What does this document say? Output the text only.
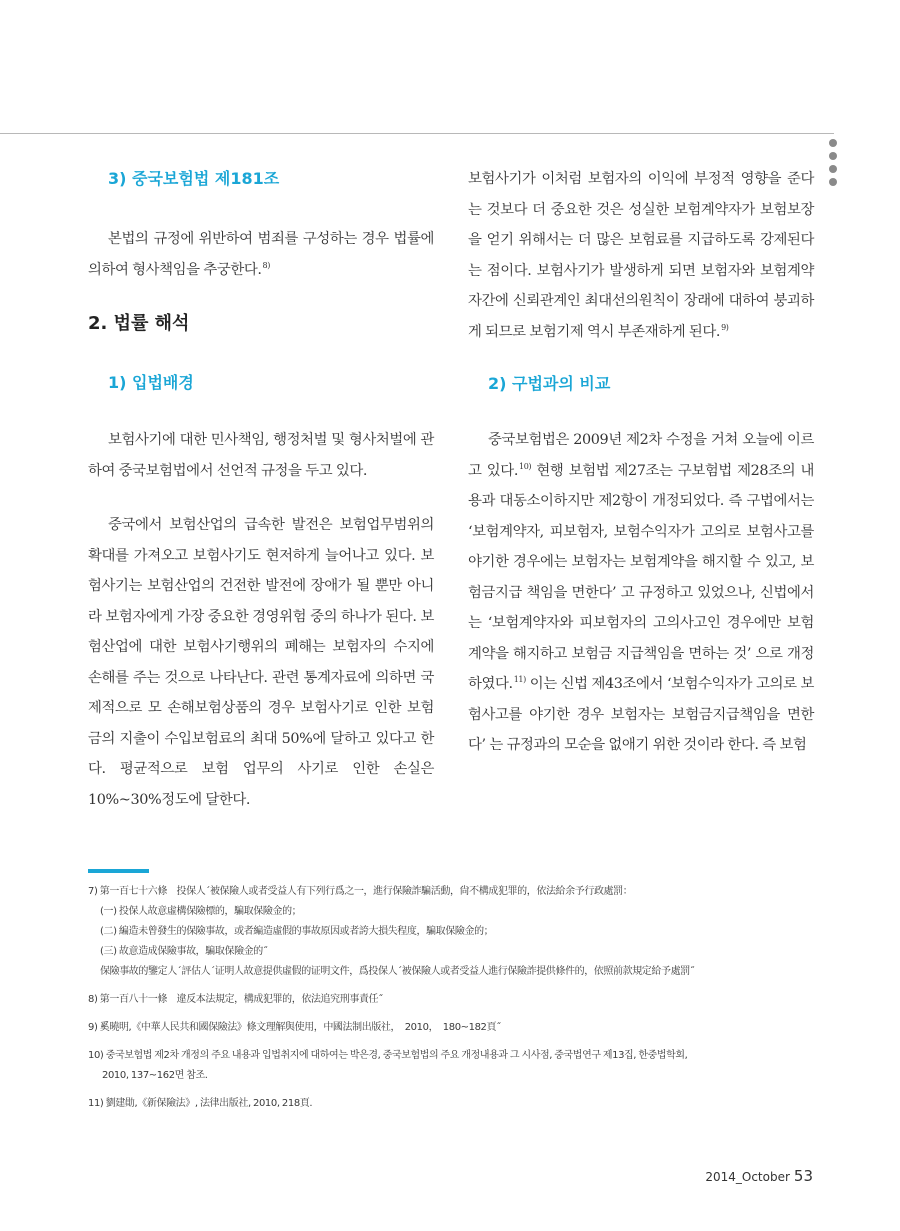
3) 중국보험법 제181조

본법의 규정에 위반하여 범죄를 구성하는 경우 법률에 의하여 형사책임을 추궁한다.$^{8)}$

2. 법률 해석
1) 입법배경

보험사기에 대한 민사책임, 행정처벌 및 형사처벌에 관하여 중국보험법에서 선언적 규정을 두고 있다.

중국에서 보험산업의 급속한 발전은 보험업무범위의 확대를 가져오고 보험사기도 현저하게 늘어나고 있다. 보험사기는 보험산업의 건전한 발전에 장애가 될 뿐만 아니라 보험자에게 가장 중요한 경영위험 중의 하나가 된다. 보험산업에 대한 보험사기행위의 폐해는 보험자의 수지에 손해를 주는 것으로 나타난다. 관련 통계자료에 의하면 국제적으로 모 손해보험상품의 경우 보험사기로 인한 보험금의 지출이 수입보험료의 최대 50%에 달하고 있다고 한다. 평균적으로 보험 업무의 사기로 인한 손실은 10%~30%정도에 달한다.

보험사기가 이처럼 보험자의 이익에 부정적 영향을 준다는 것보다 더 중요한 것은 성실한 보험계약자가 보험보장을 얻기 위해서는 더 많은 보험료를 지급하도록 강제된다는 점이다. 보험사기가 발생하게 되면 보험자와 보험계약자간에 신뢰관계인 최대선의원칙이 장래에 대하여 붕괴하게 되므로 보험기제 역시 부존재하게 된다.$^{9)}$

2) 구법과의 비교

중국보험법은 2009년 제2차 수정을 거쳐 오늘에 이르고 있다.$^{10)}$ 현행 보험법 제27조는 구보험법 제28조의 내용과 대동소이하지만 제2항이 개정되었다. 즉 구법에서는 ‘보험계약자, 피보험자, 보험수익자가 고의로 보험사고를 야기한 경우에는 보험자는 보험계약을 해지할 수 있고, 보험금지급 책임을 면한다’ 고 규정하고 있었으나, 신법에서는 ‘보험계약자와 피보험자의 고의사고인 경우에만 보험계약을 해지하고 보험금 지급책임을 면하는 것’ 으로 개정하였다.$^{11)}$ 이는 신법 제43조에서 ‘보험수익자가 고의로 보험사고를 야기한 경우 보험자는 보험금지급책임을 면한다’ 는 규정과의 모순을 없애기 위한 것이라 한다. 즉 보험

7) 第一百七十六條　投保人´被保險人或者受益人有下列行爲之一，進行保險詐騙活動，尙不構成犯罪的，依法給余予行政處罰：
(一) 投保人故意虛構保險標的，騙取保險金的；
(二) 編造未曾發生的保險事故，或者編造虛假的事故原因或者誇大損失程度，騙取保險金的；
(三) 故意造成保險事故，騙取保險金的˝
保險事故的鑒定人´評估人´证明人故意提供虛假的证明文件，爲投保人´被保險人或者受益人進行保險詐提供條件的，依照前款規定給予處罰˝
8) 第一百八十一條　違反本法規定，構成犯罪的，依法追究刑事責任˝
9) 奚曉明,《中華人民共和國保險法》條文理解與使用，中國法制出版社，　2010，　180~182頁˝
10) 중국보험법 제2차 개정의 주요 내용과 입법취지에 대하여는 박은경, 중국보험법의 주요 개정내용과 그 시사점, 중국법연구 제13집, 한중법학회,
2010, 137~162면 참조.
11) 劉建勛,《新保險法》, 法律出版社, 2010, 218頁.
2014_October 53
